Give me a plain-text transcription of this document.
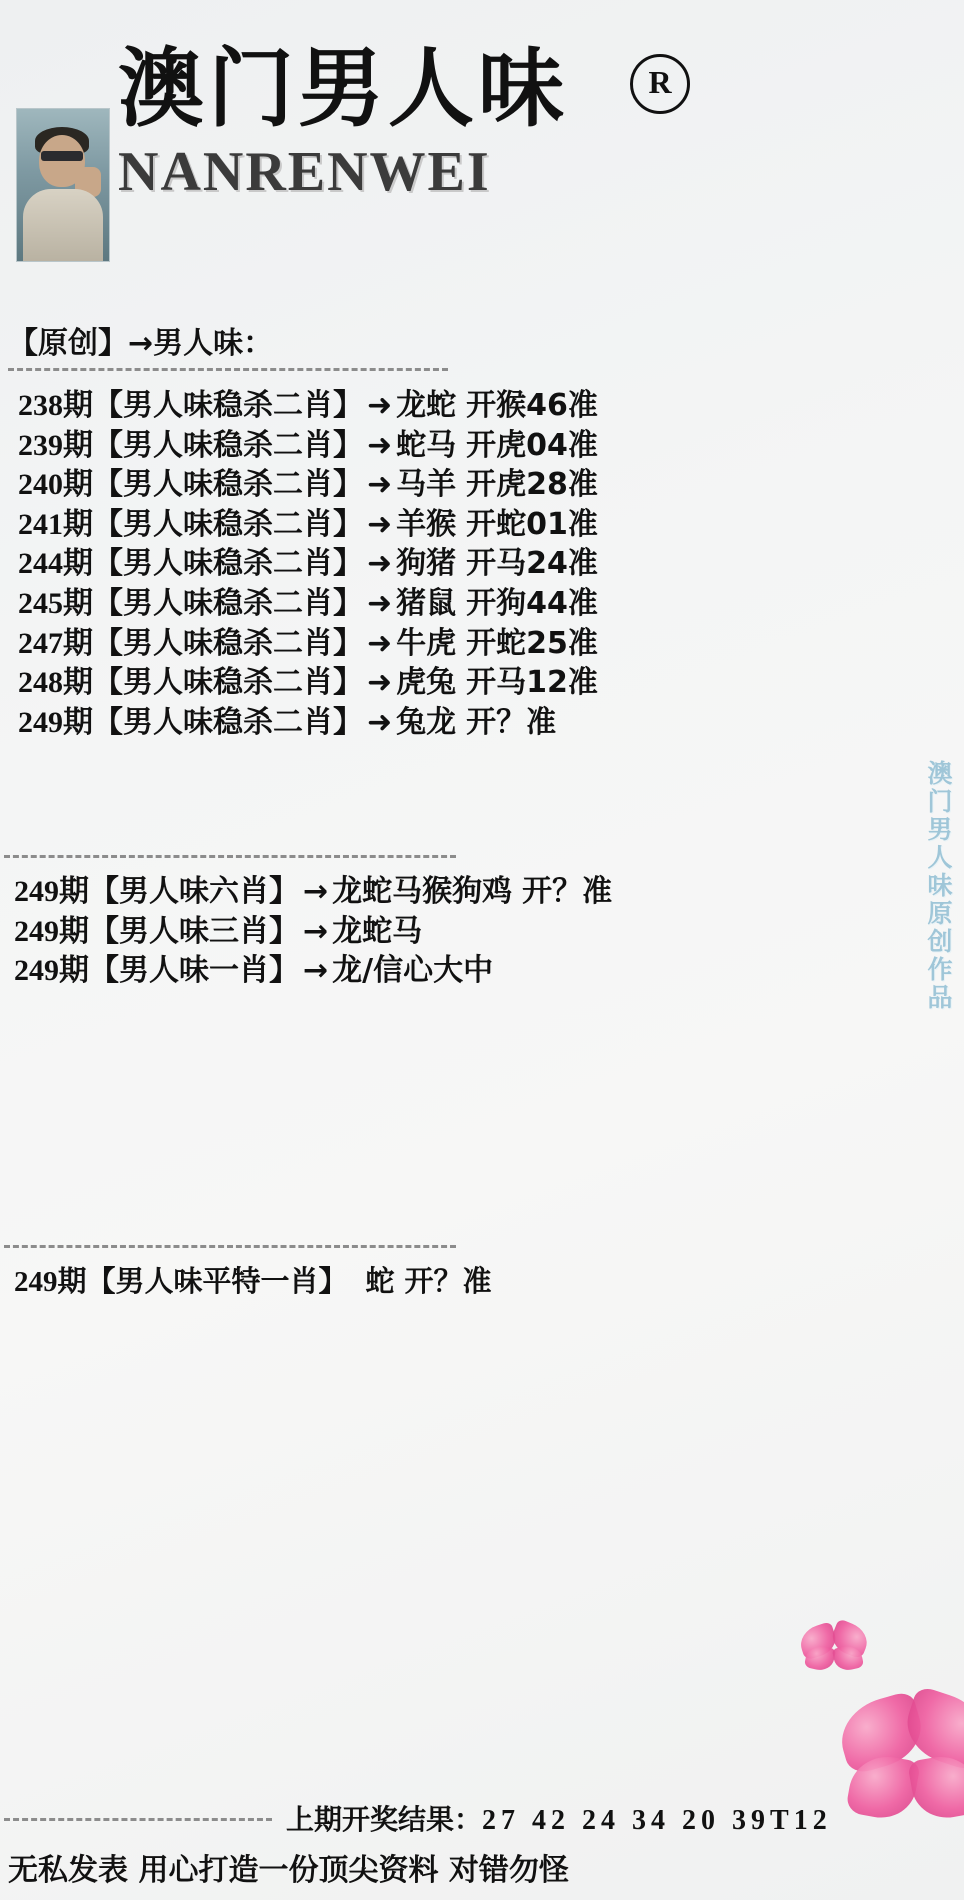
澳门男人味	R
NANRENWEI
【原创】→男人味：
238期【男人味稳杀二肖】 ➜ 龙蛇 开猴46准
239期【男人味稳杀二肖】 ➜ 蛇马 开虎04准
240期【男人味稳杀二肖】 ➜ 马羊 开虎28准
241期【男人味稳杀二肖】 ➜ 羊猴 开蛇01准
244期【男人味稳杀二肖】 ➜ 狗猪 开马24准
245期【男人味稳杀二肖】 ➜ 猪鼠 开狗44准
247期【男人味稳杀二肖】 ➜ 牛虎 开蛇25准
248期【男人味稳杀二肖】 ➜ 虎兔 开马12准
249期【男人味稳杀二肖】 ➜ 兔龙 开？准
249期【男人味六肖】 → 龙蛇马猴狗鸡 开？准
249期【男人味三肖】 → 龙蛇马
249期【男人味一肖】 → 龙/信心大中
249期【男人味平特一肖】 蛇 开？准
澳门男人味原创作品
上期开奖结果：27 42 24 34 20 39T12
无私发表 用心打造一份顶尖资料 对错勿怪
